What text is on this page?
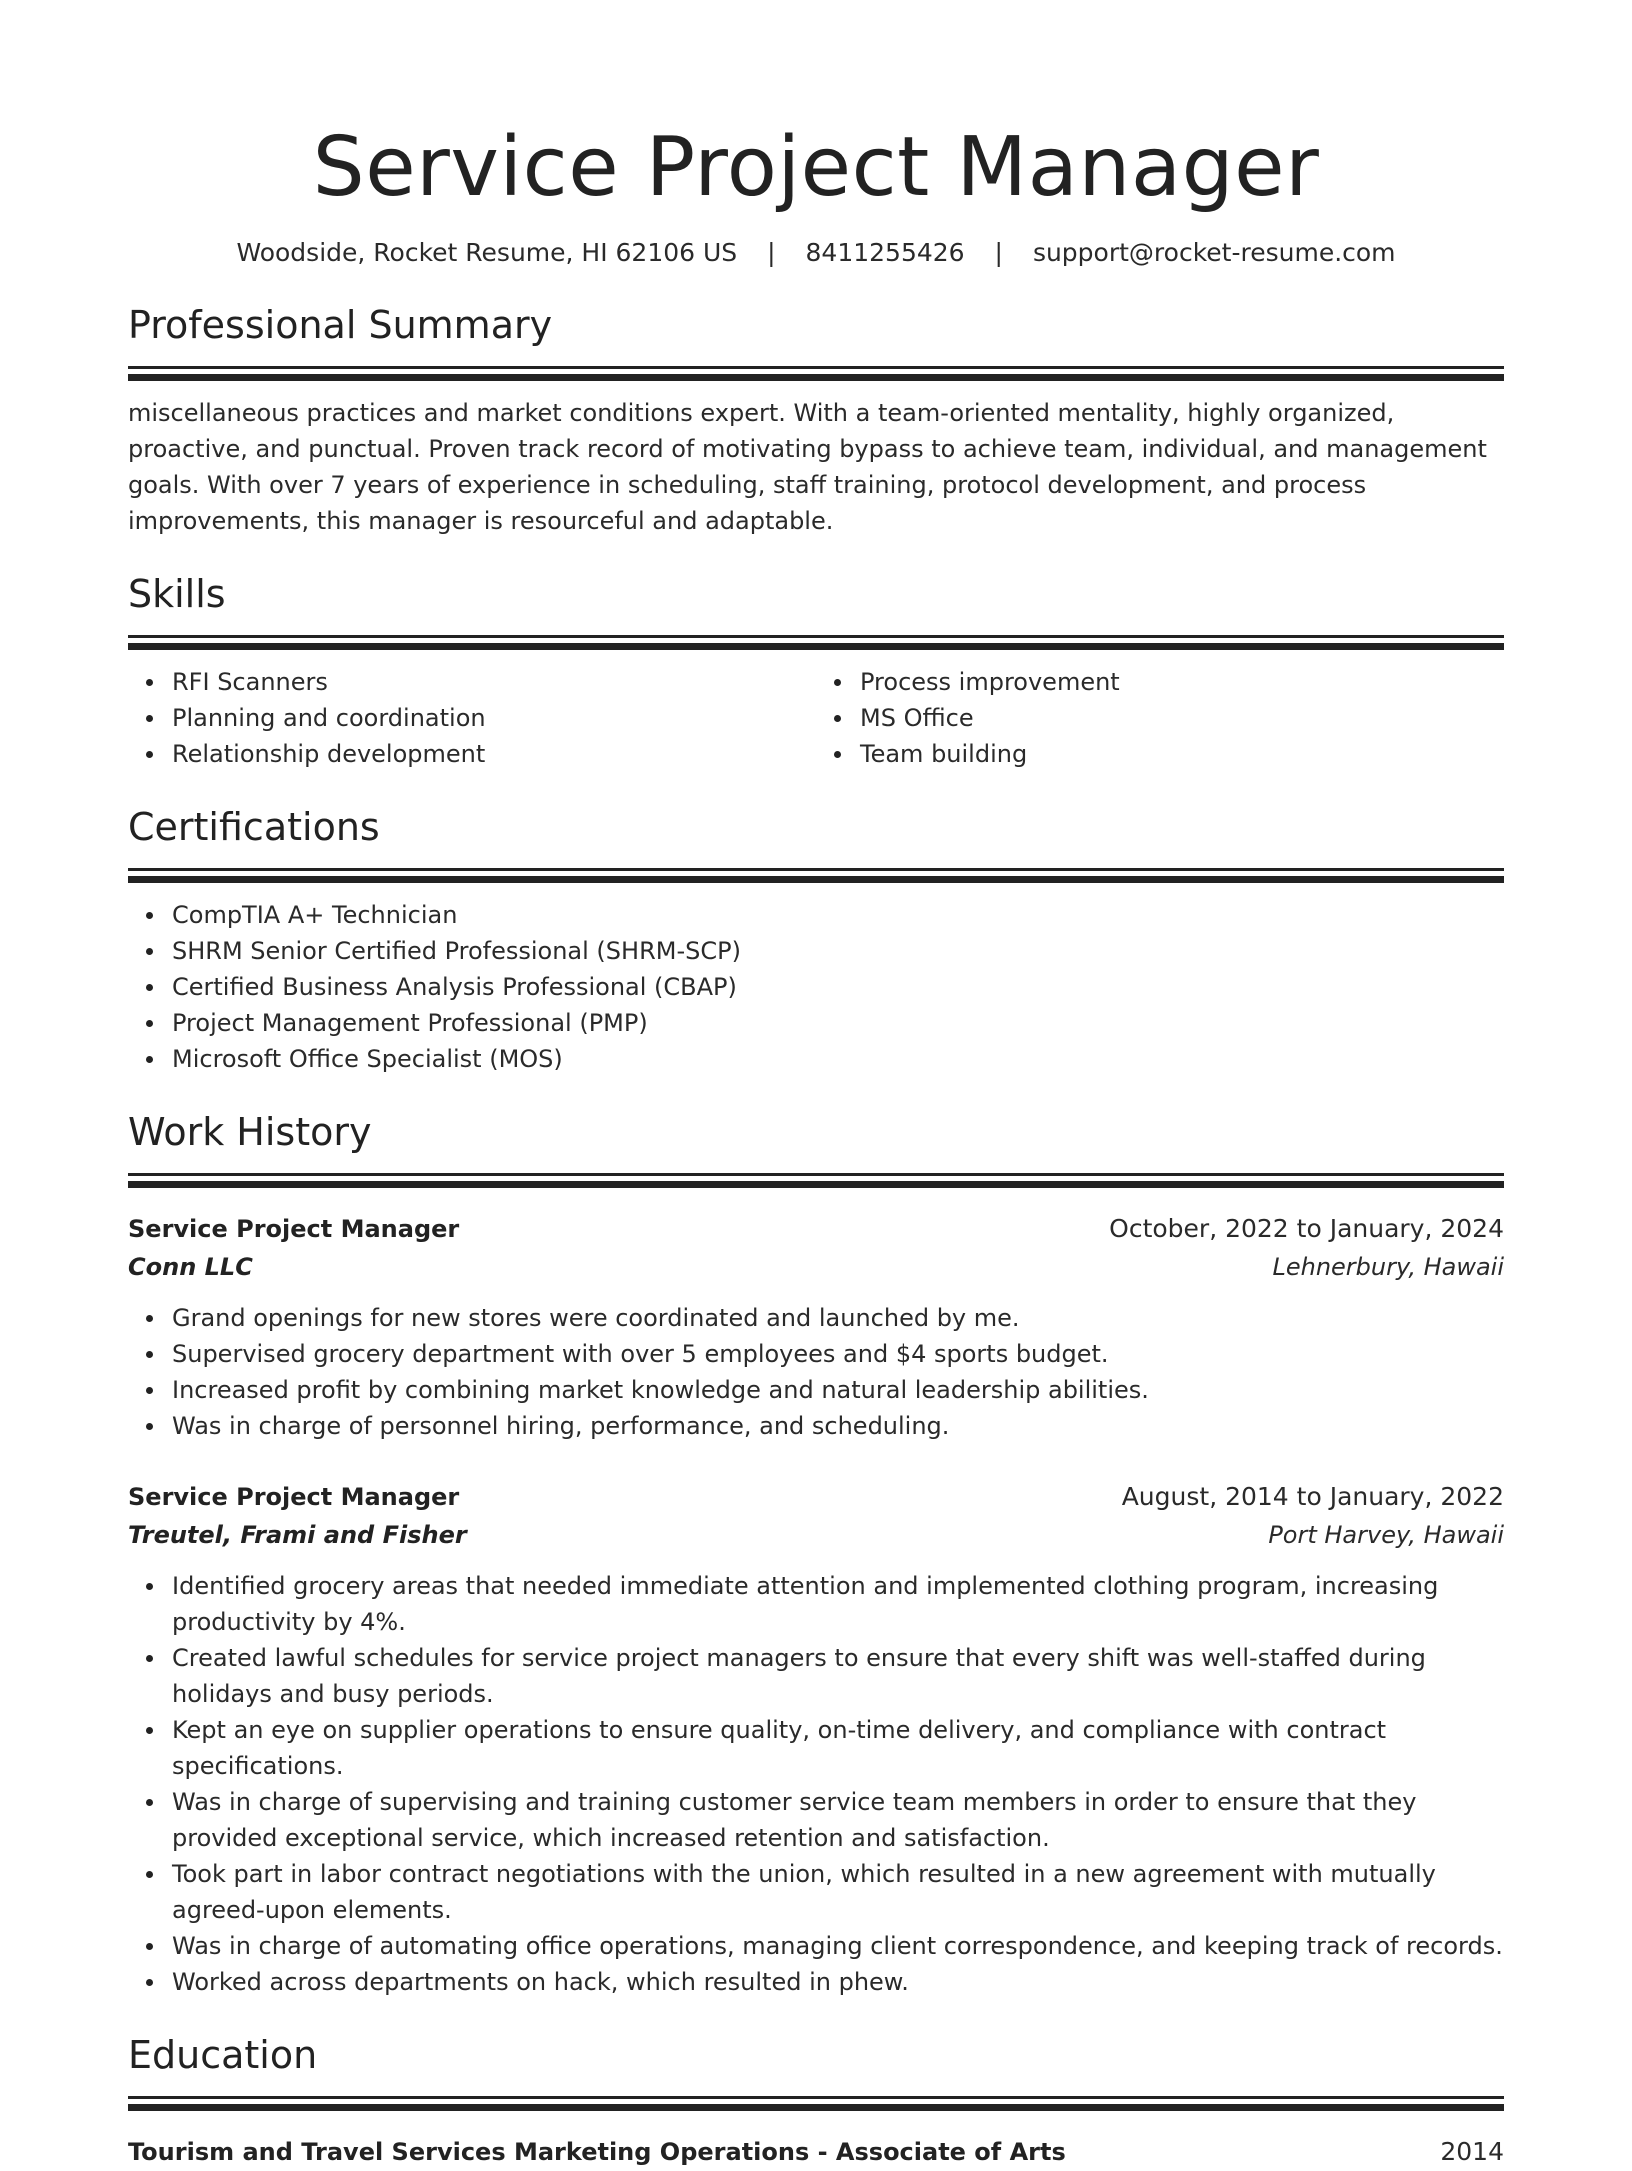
Service Project Manager
Woodside, Rocket Resume, HI 62106 US | 8411255426 | support@rocket-resume.com
Professional Summary
miscellaneous practices and market conditions expert. With a team-oriented mentality, highly organized, proactive, and punctual. Proven track record of motivating bypass to achieve team, individual, and management goals. With over 7 years of experience in scheduling, staff training, protocol development, and process improvements, this manager is resourceful and adaptable.
Skills
RFI Scanners
Planning and coordination
Relationship development
Process improvement
MS Office
Team building
Certifications
CompTIA A+ Technician
SHRM Senior Certified Professional (SHRM-SCP)
Certified Business Analysis Professional (CBAP)
Project Management Professional (PMP)
Microsoft Office Specialist (MOS)
Work History
Service Project Manager	October, 2022 to January, 2024
Conn LLC	Lehnerbury, Hawaii
Grand openings for new stores were coordinated and launched by me.
Supervised grocery department with over 5 employees and $4 sports budget.
Increased profit by combining market knowledge and natural leadership abilities.
Was in charge of personnel hiring, performance, and scheduling.
Service Project Manager	August, 2014 to January, 2022
Treutel, Frami and Fisher	Port Harvey, Hawaii
Identified grocery areas that needed immediate attention and implemented clothing program, increasing productivity by 4%.
Created lawful schedules for service project managers to ensure that every shift was well-staffed during holidays and busy periods.
Kept an eye on supplier operations to ensure quality, on-time delivery, and compliance with contract specifications.
Was in charge of supervising and training customer service team members in order to ensure that they provided exceptional service, which increased retention and satisfaction.
Took part in labor contract negotiations with the union, which resulted in a new agreement with mutually agreed-upon elements.
Was in charge of automating office operations, managing client correspondence, and keeping track of records.
Worked across departments on hack, which resulted in phew.
Education
Tourism and Travel Services Marketing Operations - Associate of Arts	2014
